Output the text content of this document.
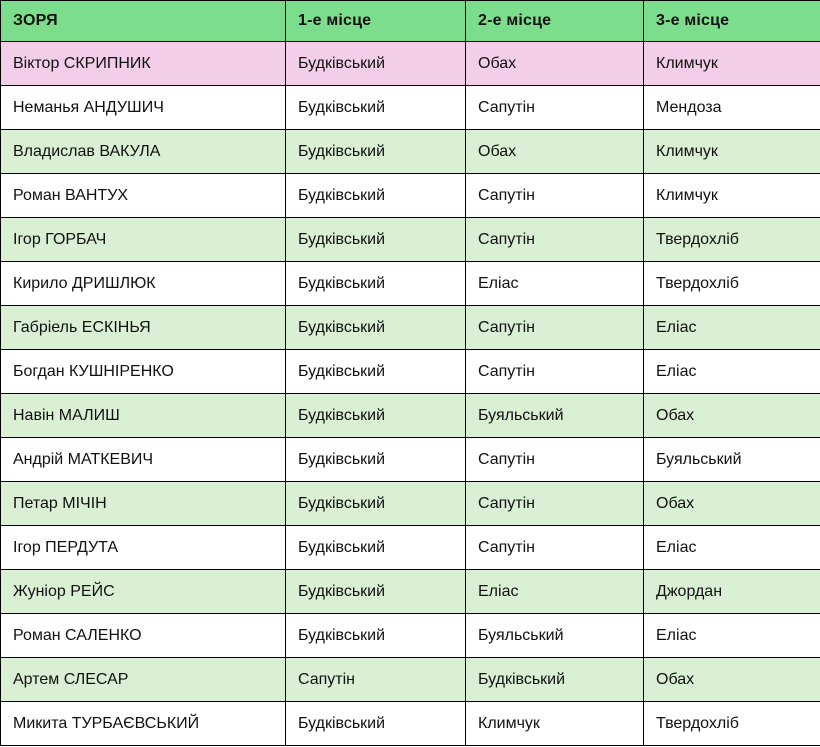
ЗОРЯ	1-е місце	2-е місце	3-е місце
Віктор СКРИПНИК	Будківський	Обах	Климчук
Неманья АНДУШИЧ	Будківський	Сапутін	Мендоза
Владислав ВАКУЛА	Будківський	Обах	Климчук
Роман ВАНТУХ	Будківський	Сапутін	Климчук
Ігор ГОРБАЧ	Будківський	Сапутін	Твердохліб
Кирило ДРИШЛЮК	Будківський	Еліас	Твердохліб
Габріель ЕСКІНЬЯ	Будківський	Сапутін	Еліас
Богдан КУШНІРЕНКО	Будківський	Сапутін	Еліас
Навін МАЛИШ	Будківський	Буяльський	Обах
Андрій МАТКЕВИЧ	Будківський	Сапутін	Буяльський
Петар МІЧІН	Будківський	Сапутін	Обах
Ігор ПЕРДУТА	Будківський	Сапутін	Еліас
Жуніор РЕЙС	Будківський	Еліас	Джордан
Роман САЛЕНКО	Будківський	Буяльський	Еліас
Артем СЛЕСАР	Сапутін	Будківський	Обах
Микита ТУРБАЄВСЬКИЙ	Будківський	Климчук	Твердохліб
